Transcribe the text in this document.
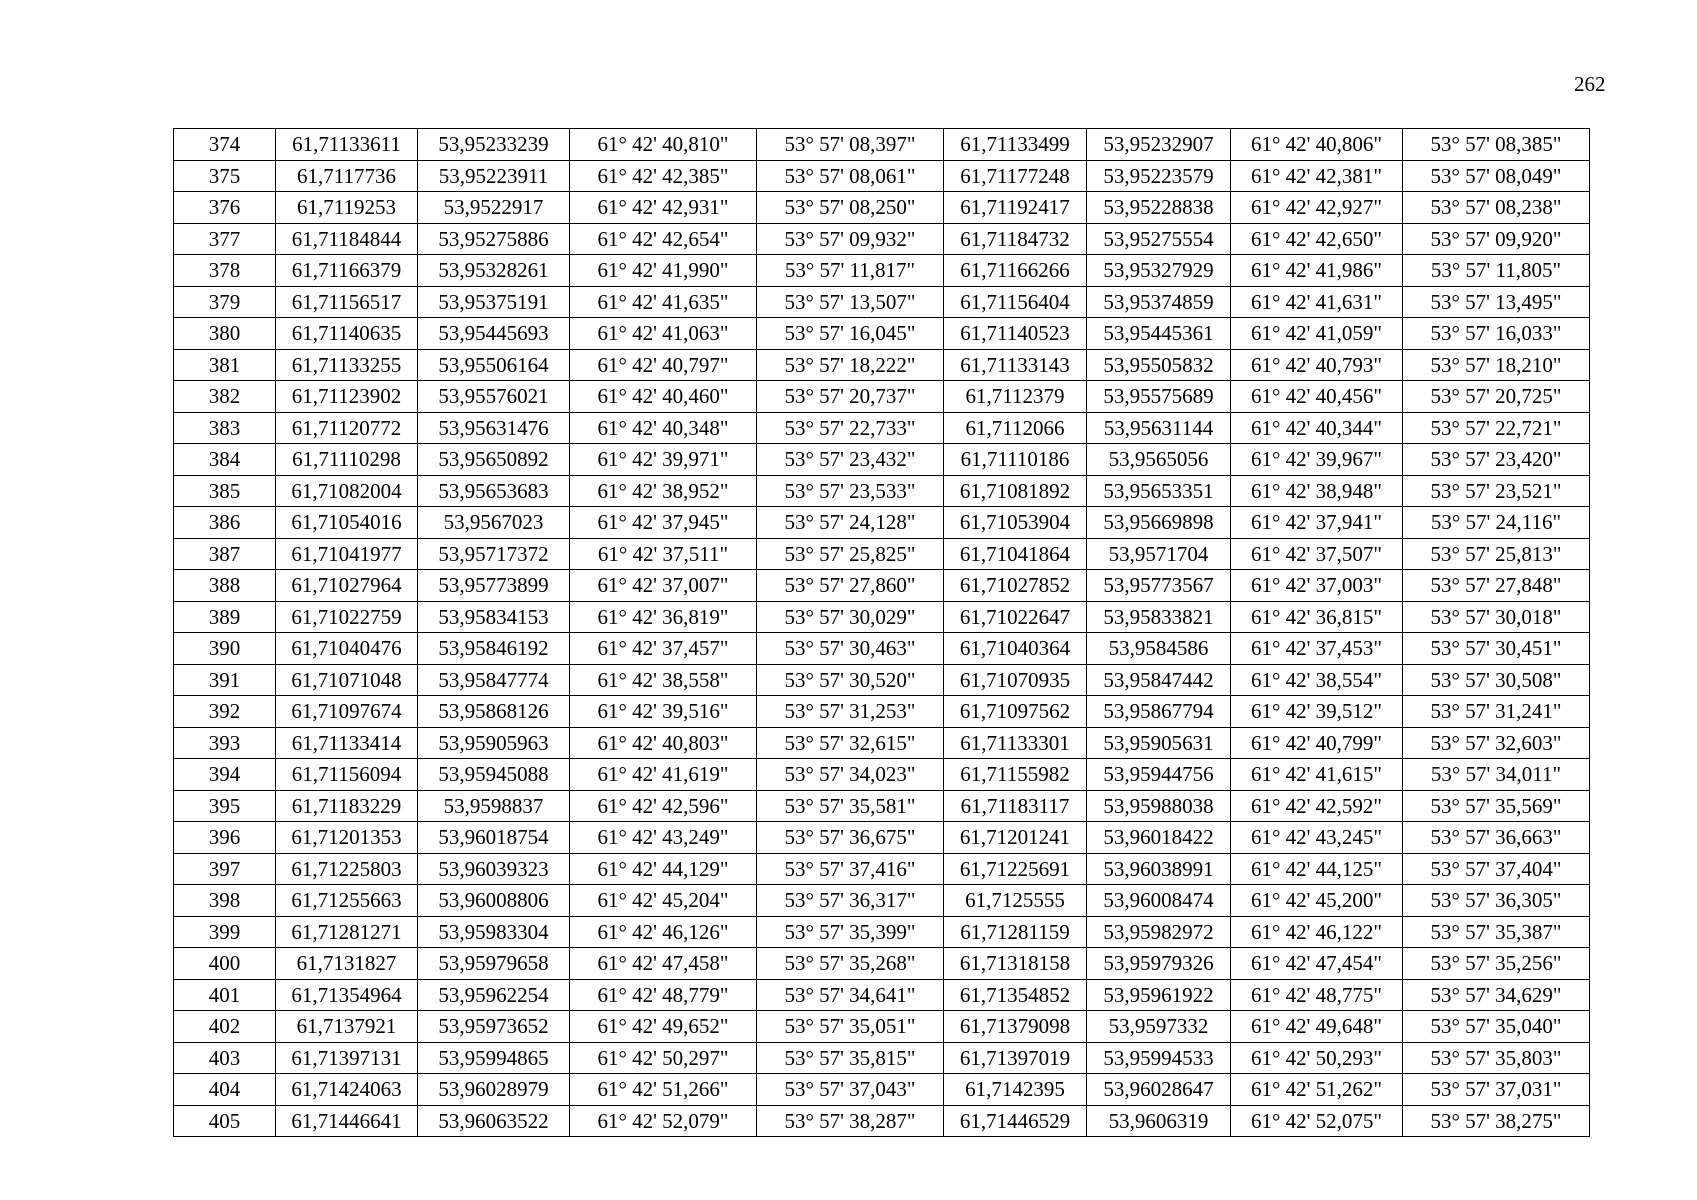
262
374	61,71133611	53,95233239	61° 42' 40,810"	53° 57' 08,397"	61,71133499	53,95232907	61° 42' 40,806"	53° 57' 08,385"
375	61,7117736	53,95223911	61° 42' 42,385"	53° 57' 08,061"	61,71177248	53,95223579	61° 42' 42,381"	53° 57' 08,049"
376	61,7119253	53,9522917	61° 42' 42,931"	53° 57' 08,250"	61,71192417	53,95228838	61° 42' 42,927"	53° 57' 08,238"
377	61,71184844	53,95275886	61° 42' 42,654"	53° 57' 09,932"	61,71184732	53,95275554	61° 42' 42,650"	53° 57' 09,920"
378	61,71166379	53,95328261	61° 42' 41,990"	53° 57' 11,817"	61,71166266	53,95327929	61° 42' 41,986"	53° 57' 11,805"
379	61,71156517	53,95375191	61° 42' 41,635"	53° 57' 13,507"	61,71156404	53,95374859	61° 42' 41,631"	53° 57' 13,495"
380	61,71140635	53,95445693	61° 42' 41,063"	53° 57' 16,045"	61,71140523	53,95445361	61° 42' 41,059"	53° 57' 16,033"
381	61,71133255	53,95506164	61° 42' 40,797"	53° 57' 18,222"	61,71133143	53,95505832	61° 42' 40,793"	53° 57' 18,210"
382	61,71123902	53,95576021	61° 42' 40,460"	53° 57' 20,737"	61,7112379	53,95575689	61° 42' 40,456"	53° 57' 20,725"
383	61,71120772	53,95631476	61° 42' 40,348"	53° 57' 22,733"	61,7112066	53,95631144	61° 42' 40,344"	53° 57' 22,721"
384	61,71110298	53,95650892	61° 42' 39,971"	53° 57' 23,432"	61,71110186	53,9565056	61° 42' 39,967"	53° 57' 23,420"
385	61,71082004	53,95653683	61° 42' 38,952"	53° 57' 23,533"	61,71081892	53,95653351	61° 42' 38,948"	53° 57' 23,521"
386	61,71054016	53,9567023	61° 42' 37,945"	53° 57' 24,128"	61,71053904	53,95669898	61° 42' 37,941"	53° 57' 24,116"
387	61,71041977	53,95717372	61° 42' 37,511"	53° 57' 25,825"	61,71041864	53,9571704	61° 42' 37,507"	53° 57' 25,813"
388	61,71027964	53,95773899	61° 42' 37,007"	53° 57' 27,860"	61,71027852	53,95773567	61° 42' 37,003"	53° 57' 27,848"
389	61,71022759	53,95834153	61° 42' 36,819"	53° 57' 30,029"	61,71022647	53,95833821	61° 42' 36,815"	53° 57' 30,018"
390	61,71040476	53,95846192	61° 42' 37,457"	53° 57' 30,463"	61,71040364	53,9584586	61° 42' 37,453"	53° 57' 30,451"
391	61,71071048	53,95847774	61° 42' 38,558"	53° 57' 30,520"	61,71070935	53,95847442	61° 42' 38,554"	53° 57' 30,508"
392	61,71097674	53,95868126	61° 42' 39,516"	53° 57' 31,253"	61,71097562	53,95867794	61° 42' 39,512"	53° 57' 31,241"
393	61,71133414	53,95905963	61° 42' 40,803"	53° 57' 32,615"	61,71133301	53,95905631	61° 42' 40,799"	53° 57' 32,603"
394	61,71156094	53,95945088	61° 42' 41,619"	53° 57' 34,023"	61,71155982	53,95944756	61° 42' 41,615"	53° 57' 34,011"
395	61,71183229	53,9598837	61° 42' 42,596"	53° 57' 35,581"	61,71183117	53,95988038	61° 42' 42,592"	53° 57' 35,569"
396	61,71201353	53,96018754	61° 42' 43,249"	53° 57' 36,675"	61,71201241	53,96018422	61° 42' 43,245"	53° 57' 36,663"
397	61,71225803	53,96039323	61° 42' 44,129"	53° 57' 37,416"	61,71225691	53,96038991	61° 42' 44,125"	53° 57' 37,404"
398	61,71255663	53,96008806	61° 42' 45,204"	53° 57' 36,317"	61,7125555	53,96008474	61° 42' 45,200"	53° 57' 36,305"
399	61,71281271	53,95983304	61° 42' 46,126"	53° 57' 35,399"	61,71281159	53,95982972	61° 42' 46,122"	53° 57' 35,387"
400	61,7131827	53,95979658	61° 42' 47,458"	53° 57' 35,268"	61,71318158	53,95979326	61° 42' 47,454"	53° 57' 35,256"
401	61,71354964	53,95962254	61° 42' 48,779"	53° 57' 34,641"	61,71354852	53,95961922	61° 42' 48,775"	53° 57' 34,629"
402	61,7137921	53,95973652	61° 42' 49,652"	53° 57' 35,051"	61,71379098	53,9597332	61° 42' 49,648"	53° 57' 35,040"
403	61,71397131	53,95994865	61° 42' 50,297"	53° 57' 35,815"	61,71397019	53,95994533	61° 42' 50,293"	53° 57' 35,803"
404	61,71424063	53,96028979	61° 42' 51,266"	53° 57' 37,043"	61,7142395	53,96028647	61° 42' 51,262"	53° 57' 37,031"
405	61,71446641	53,96063522	61° 42' 52,079"	53° 57' 38,287"	61,71446529	53,9606319	61° 42' 52,075"	53° 57' 38,275"
